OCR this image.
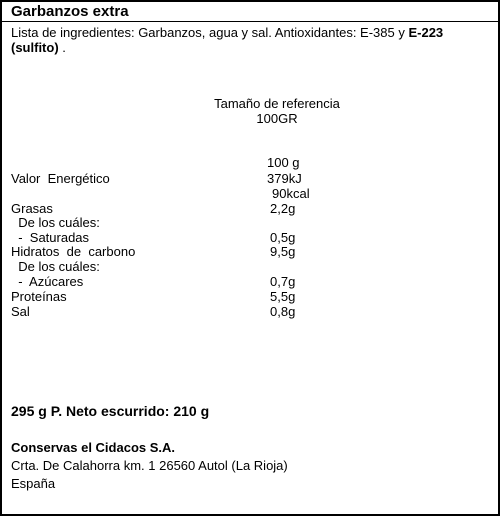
Garbanzos extra
Lista de ingredientes: Garbanzos, agua y sal. Antioxidantes: E-385 y E-223
(sulfito) .
Tamaño de referencia
100GR
100 g
Valor  Energético	379kJ
90kcal
Grasas	2,2g
De los cuáles:
-  Saturadas	0,5g
Hidratos  de  carbono	9,5g
De los cuáles:
-  Azúcares	0,7g
Proteínas	5,5g
Sal	0,8g
295 g P. Neto escurrido: 210 g
Conservas el Cidacos S.A.
Crta. De Calahorra km. 1 26560 Autol (La Rioja)
España
